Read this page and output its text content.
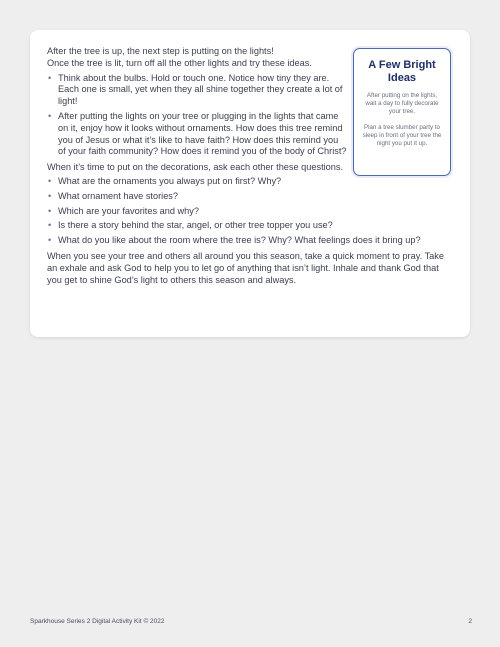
After the tree is up, the next step is putting on the lights!
Once the tree is lit, turn off all the other lights and try these ideas.

• Think about the bulbs. Hold or touch one. Notice how tiny they are. Each one is small, yet when they all shine together they create a lot of light!
• After putting the lights on your tree or plugging in the lights that came on it, enjoy how it looks without ornaments. How does this tree remind you of Jesus or what it’s like to have faith? How does this remind you of your faith community? How does it remind you of the body of Christ?

When it’s time to put on the decorations, ask each other these questions.

• What are the ornaments you always put on first? Why?
• What ornament have stories?
• Which are your favorites and why?
• Is there a story behind the star, angel, or other tree topper you use?
• What do you like about the room where the tree is? Why? What feelings does it bring up?

When you see your tree and others all around you this season, take a quick moment to pray. Take an exhale and ask God to help you to let go of anything that isn’t light. Inhale and thank God that you get to shine God’s light to others this season and always.

A Few Bright Ideas

After putting on the lights, wait a day to fully decorate your tree.

Plan a tree slumber party to sleep in front of your tree the night you put it up.

Sparkhouse Series 2 Digital Activity Kit © 2022	2
